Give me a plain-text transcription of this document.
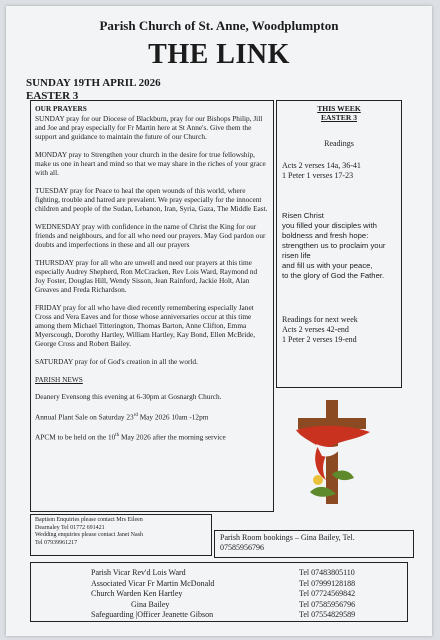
Parish Church of St. Anne, Woodplumpton
THE LINK
SUNDAY 19TH APRIL 2026
EASTER 3

OUR PRAYERS

SUNDAY pray for our Diocese of Blackburn, pray for our Bishops Philip, Jill and Joe and pray especially for Fr Martin here at St Anne's. Give them the support and guidance to maintain the future of our Church.

MONDAY pray to Strengthen your church in the desire for true fellowship, make us one in heart and mind so that we may share in the riches of your grace with all.

TUESDAY pray for Peace to heal the open wounds of this world, where fighting, trouble and hatred are prevalent. We pray especially for the innocent children and people of the Sudan, Lebanon, Iran, Syria, Gaza, The Middle East.

WEDNESDAY pray with confidence in the name of Christ the King for our friends and neighbours, and for all who need our prayers. May God pardon our doubts and imperfections in these and all our prayers

THURSDAY pray for all who are unwell and need our prayers at this time especially Audrey Shepherd, Ron McCracken, Rev Lois Ward, Raymond nd Joy Foster, Douglas Hill, Wendy Sisson, Jean Rainford, Jackie Holt, Alan Greaves and Freda Richardson.

FRIDAY pray for all who have died recently remembering especially Janet Cross and Vera Eaves and for those whose anniversaries occur at this time among them Michael Titterington, Thomas Barton, Anne Clifton, Emma Myerscough, Dorothy Hartley, William Hartley, Kay Bond, Ellen McBride, George Cross and Robert Bailey.

SATURDAY pray for of God's creation in all the world.

PARISH NEWS

Deanery Evensong this evening at 6-30pm at Gosnargh Church.

Annual Plant Sale on Saturday 23rd May 2026 10am -12pm

APCM to be held on the 10th May 2026 after the morning service

THIS WEEK
EASTER 3
Readings
Acts 2 verses 14a, 36-41
1 Peter 1 verses 17-23
Risen Christ
you filled your disciples with
boldness and fresh hope:
strengthen us to proclaim your
risen life
and fill us with your peace,
to the glory of God the Father.
Readings for next week
Acts 2 verses 42-end
1 Peter 2 verses 19-end
Baptism Enquiries please contact Mrs Eileen
Dearnaley Tel 01772 691421
Wedding enquiries please contact Janet Nash
Tel 07939961217
Parish Room bookings – Gina Bailey, Tel.
07585956796
Parish Vicar Rev'd Lois Ward	Tel 07483805110
Associated Vicar Fr Martin McDonald	Tel 07999128188
Church Warden Ken Hartley	Tel 07724569842
Gina Bailey	Tel 07585956796
Safeguarding |Officer Jeanette Gibson	Tel 07554829589
